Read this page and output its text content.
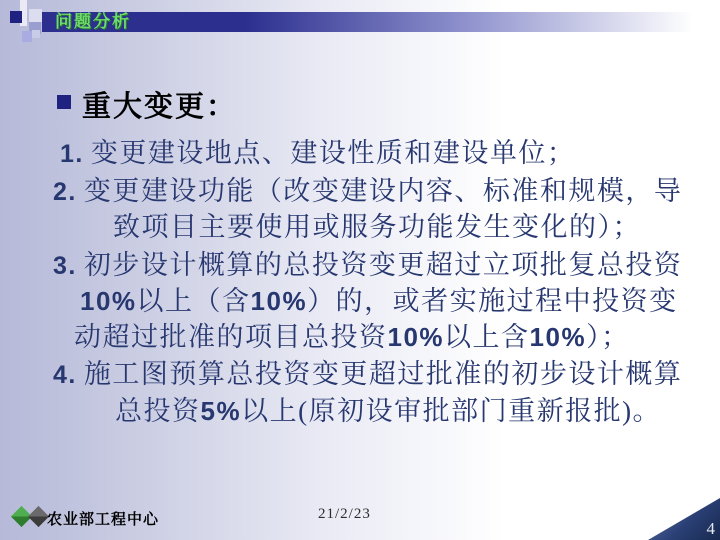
问题分析
重大变更：
1. 变更建设地点、建设性质和建设单位；
2. 变更建设功能（改变建设内容、标准和规模，导
致项目主要使用或服务功能发生变化的）；
3. 初步设计概算的总投资变更超过立项批复总投资
10%以上（含10%）的，或者实施过程中投资变
动超过批准的项目总投资10%以上含10%）；
4. 施工图预算总投资变更超过批准的初步设计概算
总投资5%以上(原初设审批部门重新报批)。
农业部工程中心	21/2/23
4
